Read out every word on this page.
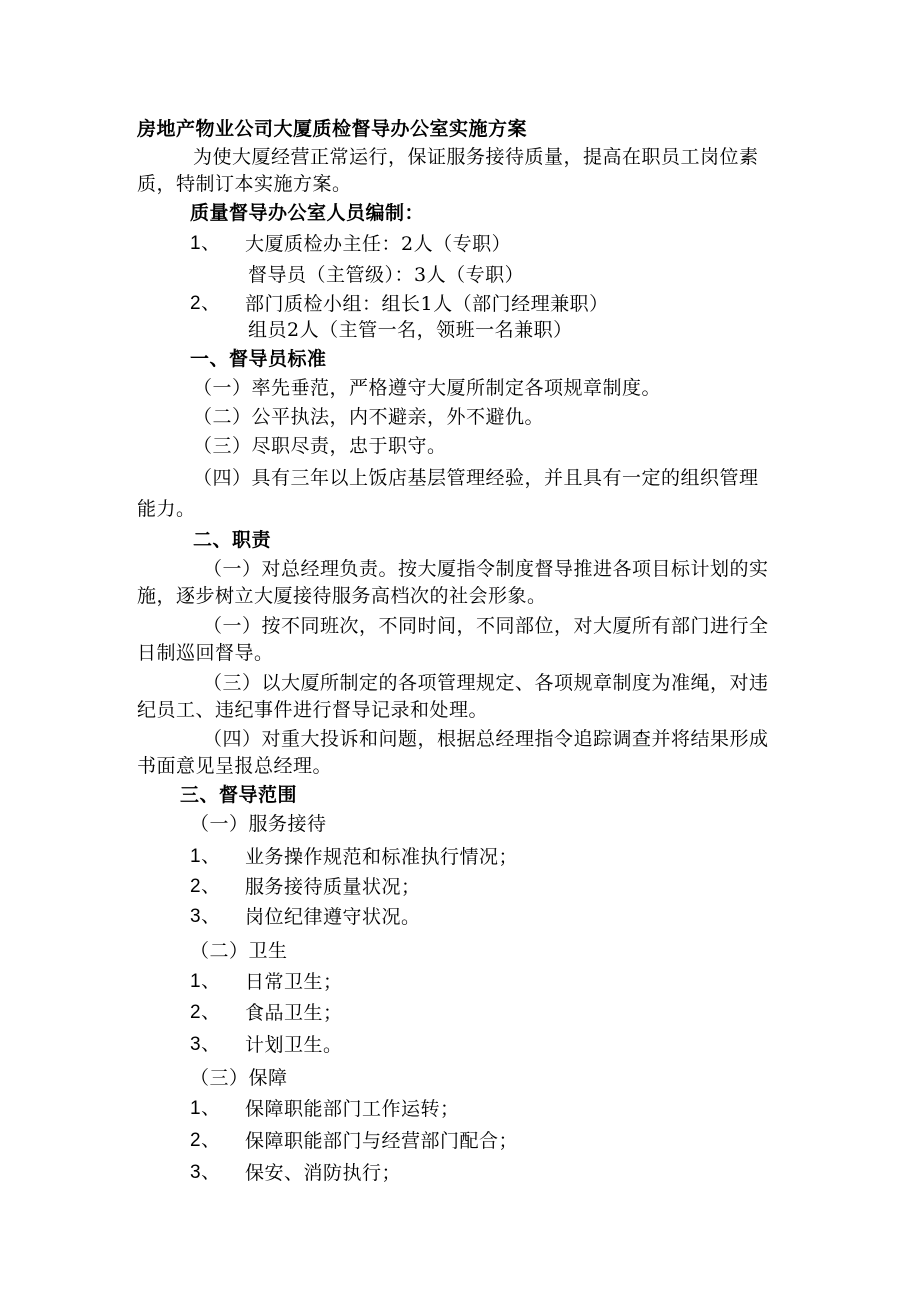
房地产物业公司大厦质检督导办公室实施方案
为使大厦经营正常运行，保证服务接待质量，提高在职员工岗位素
质，特制订本实施方案。
质量督导办公室人员编制：
1、 大厦质检办主任：2人（专职）
督导员（主管级）：3人（专职）
2、 部门质检小组：组长1人（部门经理兼职）
组员2人（主管一名，领班一名兼职）
一、督导员标准
（一）率先垂范，严格遵守大厦所制定各项规章制度。
（二）公平执法，内不避亲，外不避仇。
（三）尽职尽责，忠于职守。
（四）具有三年以上饭店基层管理经验，并且具有一定的组织管理
能力。
二、职责
（一）对总经理负责。按大厦指令制度督导推进各项目标计划的实
施，逐步树立大厦接待服务高档次的社会形象。
（一）按不同班次，不同时间，不同部位，对大厦所有部门进行全
日制巡回督导。
（三）以大厦所制定的各项管理规定、各项规章制度为准绳，对违
纪员工、违纪事件进行督导记录和处理。
（四）对重大投诉和问题，根据总经理指令追踪调查并将结果形成
书面意见呈报总经理。
三、督导范围
（一）服务接待
1、 业务操作规范和标准执行情况；
2、 服务接待质量状况；
3、 岗位纪律遵守状况。
（二）卫生
1、 日常卫生；
2、 食品卫生；
3、 计划卫生。
（三）保障
1、 保障职能部门工作运转；
2、 保障职能部门与经营部门配合；
3、 保安、消防执行；
